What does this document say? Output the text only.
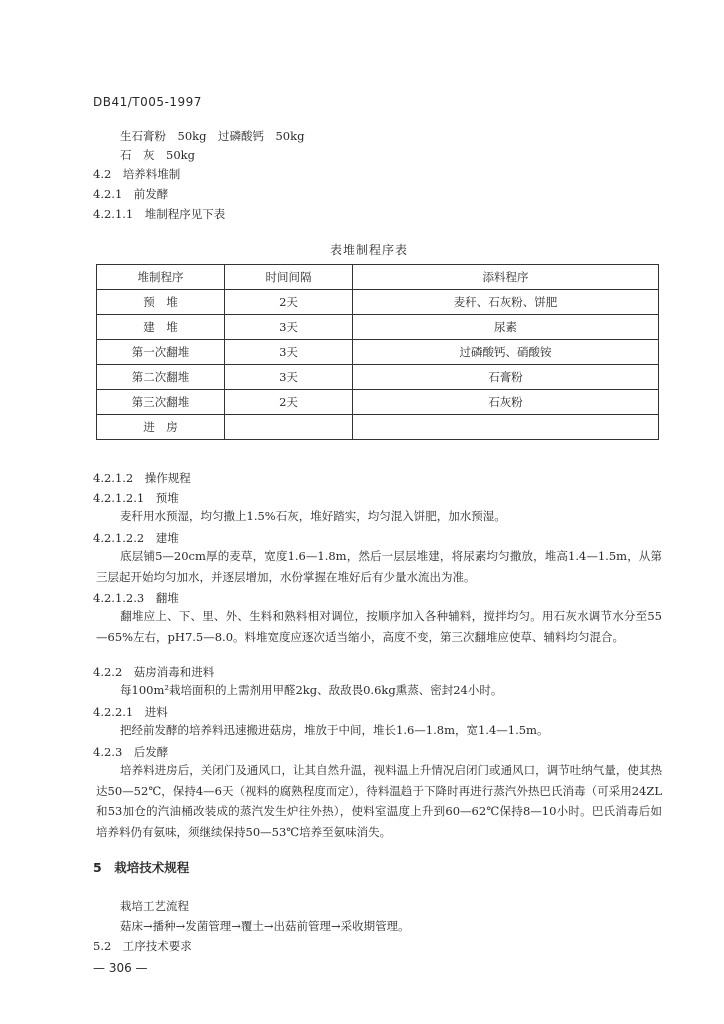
DB41/T005-1997
生石膏粉　50kg　过磷酸钙　50kg
石　灰　50kg
4.2　培养料堆制
4.2.1　前发酵
4.2.1.1　堆制程序见下表
表堆制程序表
堆制程序	时间间隔	添料程序
预　堆	2天	麦秆、石灰粉、饼肥
建　堆	3天	尿素
第一次翻堆	3天	过磷酸钙、硝酸铵
第二次翻堆	3天	石膏粉
第三次翻堆	2天	石灰粉
进　房		
4.2.1.2　操作规程
4.2.1.2.1　预堆
麦秆用水预湿，均匀撒上1.5%石灰，堆好踏实，均匀混入饼肥，加水预湿。
4.2.1.2.2　建堆
底层铺5—20cm厚的麦草，宽度1.6—1.8m，然后一层层堆建，将尿素均匀撒放，堆高1.4—1.5m，从第三层起开始均匀加水，并逐层增加，水份掌握在堆好后有少量水流出为准。
4.2.1.2.3　翻堆
翻堆应上、下、里、外、生料和熟料相对调位，按顺序加入各种辅料，搅拌均匀。用石灰水调节水分至55—65%左右，pH7.5—8.0。料堆宽度应逐次适当缩小，高度不变，第三次翻堆应使草、辅料均匀混合。
4.2.2　菇房消毒和进料
每100m²栽培面积的上需剂用甲醛2kg、敌敌畏0.6kg熏蒸、密封24小时。
4.2.2.1　进料
把经前发酵的培养料迅速搬进菇房，堆放于中间，堆长1.6—1.8m，宽1.4—1.5m。
4.2.3　后发酵
培养料进房后，关闭门及通风口，让其自然升温，视料温上升情况启闭门或通风口，调节吐纳气量，使其热达50—52℃，保持4—6天（视料的腐熟程度而定），待料温趋于下降时再进行蒸汽外热巴氏消毒（可采用24ZL和53加仓的汽油桶改装成的蒸汽发生炉往外热），使料室温度上升到60—62℃保持8—10小时。巴氏消毒后如培养料仍有氨味，须继续保持50—53℃培养至氨味消失。
5　栽培技术规程
栽培工艺流程
菇床→播种→发菌管理→覆土→出菇前管理→采收期管理。
5.2　工序技术要求
— 306 —
